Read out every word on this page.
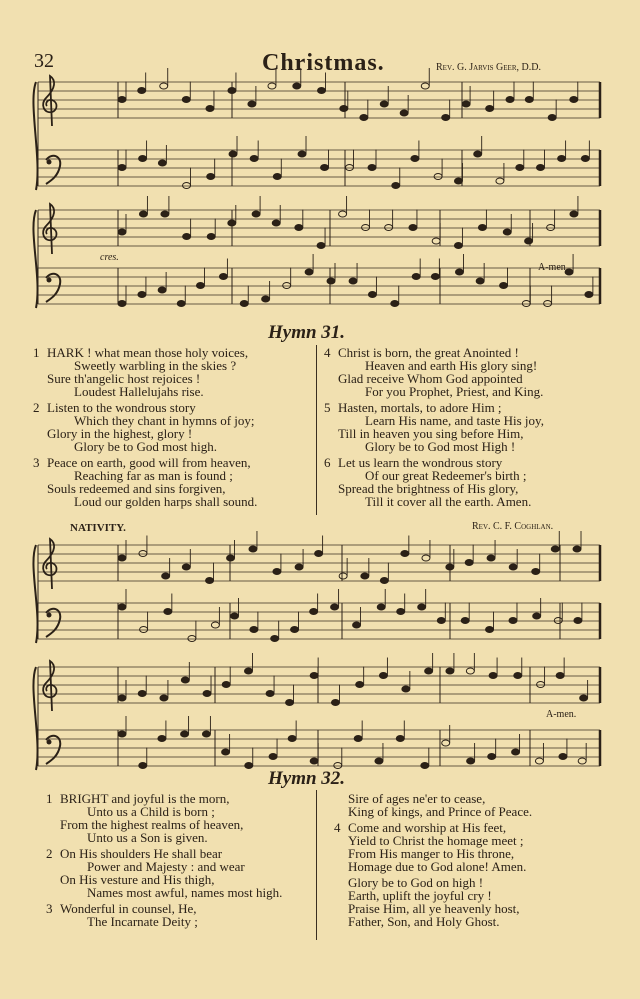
32	Christmas.	Rev. G. Jarvis Geer, D.D.
cres.
A-men.
Hymn 31.
1 HARK ! what mean those holy voices,
Sweetly warbling in the skies ?
Sure th'angelic host rejoices !
Loudest Hallelujahs rise.
2 Listen to the wondrous story
Which they chant in hymns of joy;
Glory in the highest, glory !
Glory be to God most high.
3 Peace on earth, good will from heaven,
Reaching far as man is found ;
Souls redeemed and sins forgiven,
Loud our golden harps shall sound.
4 Christ is born, the great Anointed !
Heaven and earth His glory sing!
Glad receive Whom God appointed
For you Prophet, Priest, and King.
5 Hasten, mortals, to adore Him ;
Learn His name, and taste His joy,
Till in heaven you sing before Him,
Glory be to God most High !
6 Let us learn the wondrous story
Of our great Redeemer's birth ;
Spread the brightness of His glory,
Till it cover all the earth. Amen.
NATIVITY.	Rev. C. F. Coghlan.
A-men.
Hymn 32.
1 BRIGHT and joyful is the morn,
Unto us a Child is born ;
From the highest realms of heaven,
Unto us a Son is given.
2 On His shoulders He shall bear
Power and Majesty : and wear
On His vesture and His thigh,
Names most awful, names most high.
3 Wonderful in counsel, He,
The Incarnate Deity ;
Sire of ages ne'er to cease,
King of kings, and Prince of Peace.
4 Come and worship at His feet,
Yield to Christ the homage meet ;
From His manger to His throne,
Homage due to God alone! Amen.
Glory be to God on high !
Earth, uplift the joyful cry !
Praise Him, all ye heavenly host,
Father, Son, and Holy Ghost.
